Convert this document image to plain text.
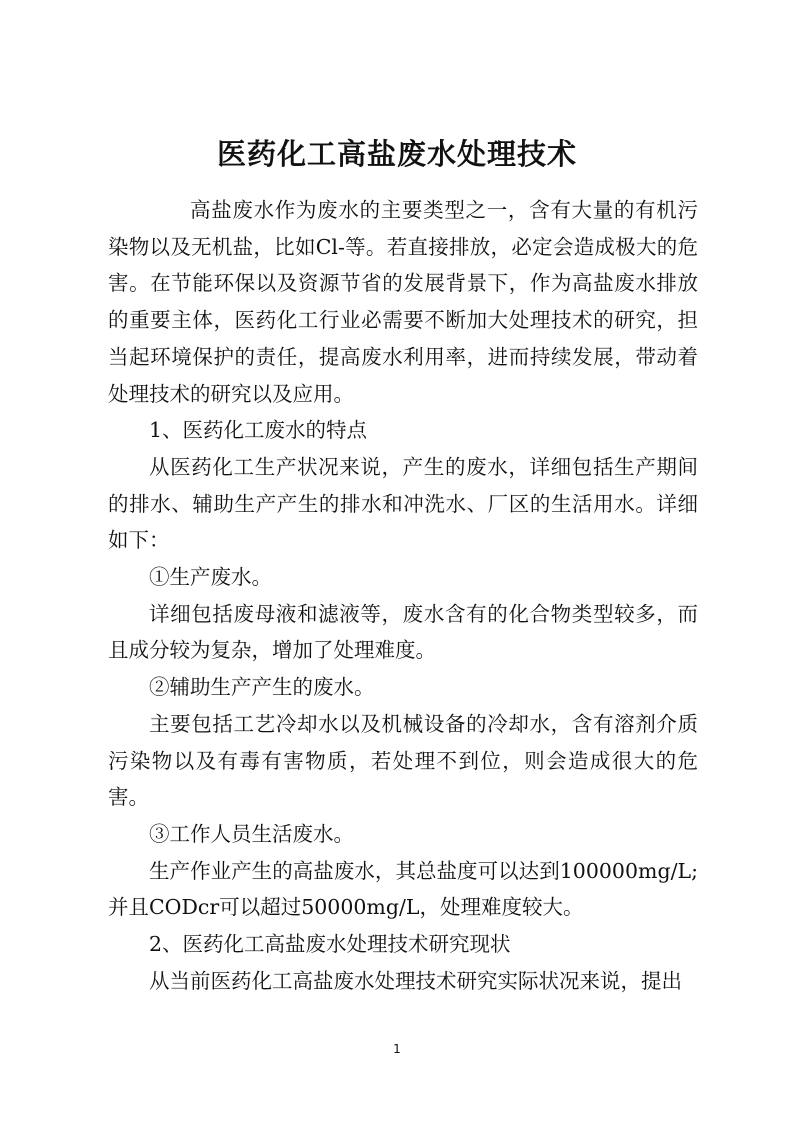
医药化工高盐废水处理技术

高盐废水作为废水的主要类型之一，含有大量的有机污染物以及无机盐，比如Cl-等。若直接排放，必定会造成极大的危害。在节能环保以及资源节省的发展背景下，作为高盐废水排放的重要主体，医药化工行业必需要不断加大处理技术的研究，担当起环境保护的责任，提高废水利用率，进而持续发展，带动着处理技术的研究以及应用。

1、医药化工废水的特点

从医药化工生产状况来说，产生的废水，详细包括生产期间的排水、辅助生产产生的排水和冲洗水、厂区的生活用水。详细如下：

①生产废水。

详细包括废母液和滤液等，废水含有的化合物类型较多，而且成分较为复杂，增加了处理难度。

②辅助生产产生的废水。

主要包括工艺冷却水以及机械设备的冷却水，含有溶剂介质污染物以及有毒有害物质，若处理不到位，则会造成很大的危害。

③工作人员生活废水。

生产作业产生的高盐废水，其总盐度可以达到100000mg/L;并且CODcr可以超过50000mg/L，处理难度较大。

2、医药化工高盐废水处理技术研究现状

从当前医药化工高盐废水处理技术研究实际状况来说，提出

1
